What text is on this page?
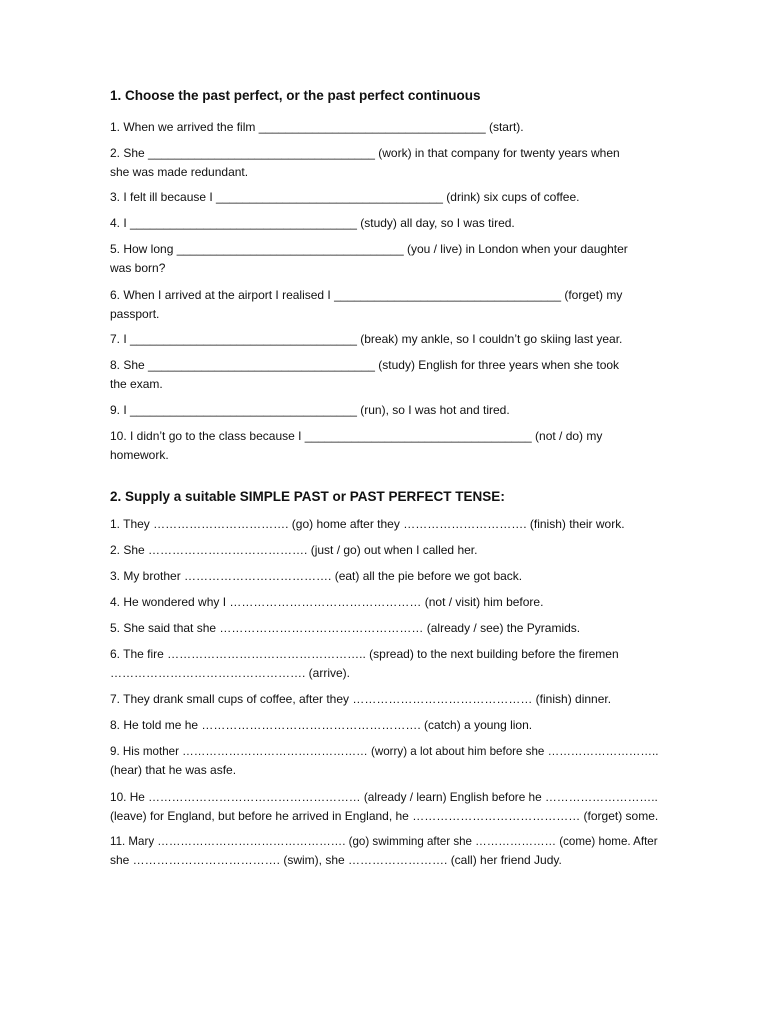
1. Choose the past perfect, or the past perfect continuous
1. When we arrived the film __________________________________ (start).
2. She __________________________________ (work) in that company for twenty years when
she was made redundant.
3. I felt ill because I __________________________________ (drink) six cups of coffee.
4. I __________________________________ (study) all day, so I was tired.
5. How long __________________________________ (you / live) in London when your daughter
was born?
6. When I arrived at the airport I realised I __________________________________ (forget) my
passport.
7. I __________________________________ (break) my ankle, so I couldn’t go skiing last year.
8. She __________________________________ (study) English for three years when she took
the exam.
9. I __________________________________ (run), so I was hot and tired.
10. I didn’t go to the class because I __________________________________ (not / do) my
homework.
2. Supply a suitable SIMPLE PAST or PAST PERFECT TENSE:
1. They ……………………………. (go) home after they …………………………. (finish) their work.
2. She …………………………………. (just / go) out when I called her.
3. My brother ………………………………. (eat) all the pie before we got back.
4. He wondered why I ………………………………………… (not / visit) him before.
5. She said that she …………………………………………… (already / see) the Pyramids.
6. The fire ………………………………………….. (spread) to the next building before the firemen
…………………………………………. (arrive).
7. They drank small cups of coffee, after they ……………………………………… (finish) dinner.
8. He told me he ………………………………………………. (catch) a young lion.
9. His mother ………………………………………… (worry) a lot about him before she ………………………..
(hear) that he was asfe.
10. He ……………………………………………… (already / learn) English before he ………………………..
(leave) for England, but before he arrived in England, he …………………………………… (forget) some.
11. Mary …………………………………………. (go) swimming after she ………………… (come) home. After
she ………………………………. (swim), she ……………………. (call) her friend Judy.
